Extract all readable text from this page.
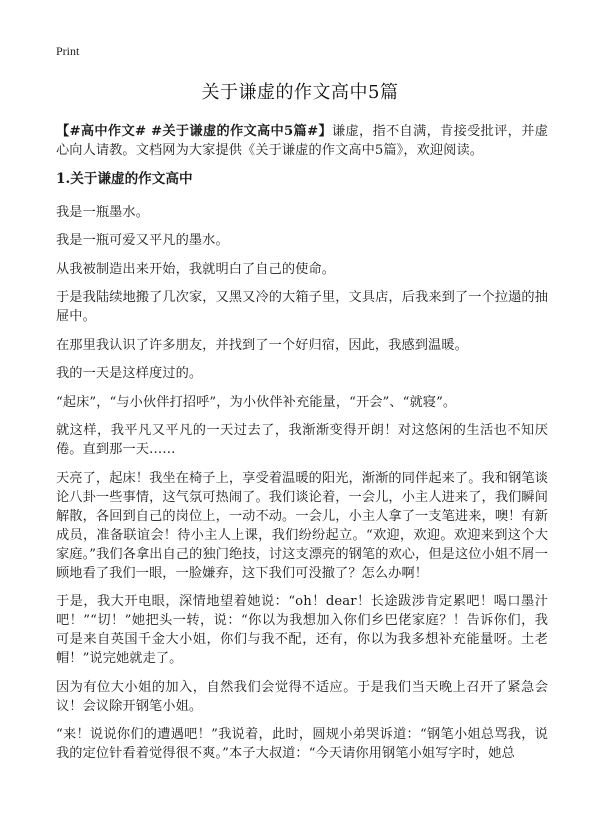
Print
关于谦虚的作文高中5篇

【#高中作文# #关于谦虚的作文高中5篇#】谦虚，指不自满，肯接受批评，并虚心向人请教。文档网为大家提供《关于谦虚的作文高中5篇》，欢迎阅读。

1.关于谦虚的作文高中

我是一瓶墨水。

我是一瓶可爱又平凡的墨水。

从我被制造出来开始，我就明白了自己的使命。

于是我陆续地搬了几次家，又黑又冷的大箱子里，文具店，后我来到了一个拉遢的抽屉中。

在那里我认识了许多朋友，并找到了一个好归宿，因此，我感到温暖。

我的一天是这样度过的。

“起床”，“与小伙伴打招呼”，为小伙伴补充能量，“开会”、“就寝”。

就这样，我平凡又平凡的一天过去了，我渐渐变得开朗！对这悠闲的生活也不知厌倦。直到那一天……

天亮了，起床！我坐在椅子上，享受着温暖的阳光，渐渐的同伴起来了。我和钢笔谈论八卦一些事情，这气氛可热闹了。我们谈论着，一会儿，小主人进来了，我们瞬间解散，各回到自己的岗位上，一动不动。一会儿，小主人拿了一支笔进来，噢！有新成员，准备联谊会！待小主人上课，我们纷纷起立。“欢迎，欢迎。欢迎来到这个大家庭。”我们各拿出自己的独门绝技，讨这支漂亮的钢笔的欢心，但是这位小姐不屑一顾地看了我们一眼，一脸嫌弃，这下我们可没撤了？怎么办啊！

于是，我大开电眼，深情地望着她说：“oh！dear！长途跋涉肯定累吧！喝口墨汁吧！”“切！”她把头一转，说：“你以为我想加入你们乡巴佬家庭？！告诉你们，我可是来自英国千金大小姐，你们与我不配，还有，你以为我多想补充能量呀。土老帽！”说完她就走了。

因为有位大小姐的加入，自然我们会觉得不适应。于是我们当天晚上召开了紧急会议！会议除开钢笔小姐。

“来！说说你们的遭遇吧！”我说着，此时，圆规小弟哭诉道：“钢笔小姐总骂我，说我的定位针看着觉得很不爽。”本子大叔道：“今天请你用钢笔小姐写字时，她总
